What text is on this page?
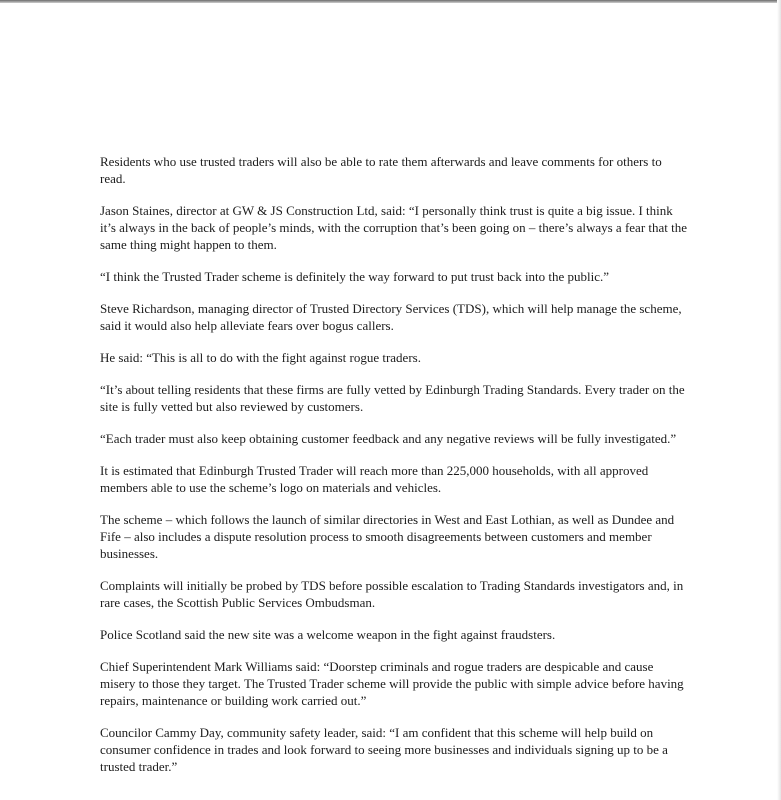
Residents who use trusted traders will also be able to rate them afterwards and leave comments for others to read.

Jason Staines, director at GW & JS Construction Ltd, said: “I personally think trust is quite a big issue. I think it’s always in the back of people’s minds, with the corruption that’s been going on – there’s always a fear that the same thing might happen to them.

“I think the Trusted Trader scheme is definitely the way forward to put trust back into the public.”

Steve Richardson, managing director of Trusted Directory Services (TDS), which will help manage the scheme, said it would also help alleviate fears over bogus callers.

He said: “This is all to do with the fight against rogue traders.

“It’s about telling residents that these firms are fully vetted by Edinburgh Trading Standards. Every trader on the site is fully vetted but also reviewed by customers.

“Each trader must also keep obtaining customer feedback and any negative reviews will be fully investigated.”

It is estimated that Edinburgh Trusted Trader will reach more than 225,000 households, with all approved members able to use the scheme’s logo on materials and vehicles.

The scheme – which follows the launch of similar directories in West and East Lothian, as well as Dundee and Fife – also includes a dispute resolution process to smooth disagreements between customers and member businesses.

Complaints will initially be probed by TDS before possible escalation to Trading Standards investigators and, in rare cases, the Scottish Public Services Ombudsman.

Police Scotland said the new site was a welcome weapon in the fight against fraudsters.

Chief Superintendent Mark Williams said: “Doorstep criminals and rogue traders are despicable and cause misery to those they target. The Trusted Trader scheme will provide the public with simple advice before having repairs, maintenance or building work carried out.”

Councilor Cammy Day, community safety leader, said: “I am confident that this scheme will help build on consumer confidence in trades and look forward to seeing more businesses and individuals signing up to be a trusted trader.”
